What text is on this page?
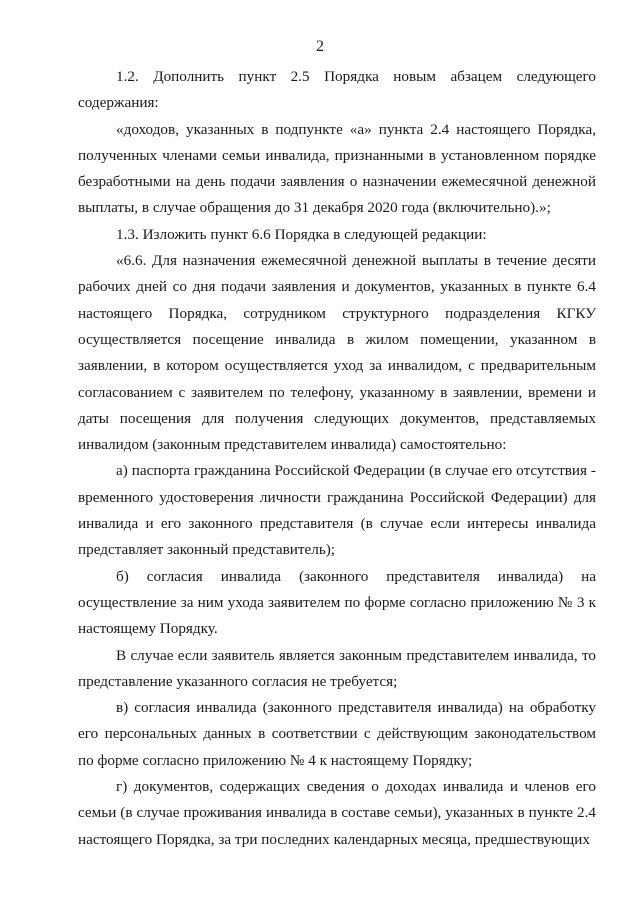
2

1.2. Дополнить пункт 2.5 Порядка новым абзацем следующего содержания:

«доходов, указанных в подпункте «а» пункта 2.4 настоящего Порядка, полученных членами семьи инвалида, признанными в установленном порядке безработными на день подачи заявления о назначении ежемесячной денежной выплаты, в случае обращения до 31 декабря 2020 года (включительно).»;

1.3. Изложить пункт 6.6 Порядка в следующей редакции:

«6.6. Для назначения ежемесячной денежной выплаты в течение десяти рабочих дней со дня подачи заявления и документов, указанных в пункте 6.4 настоящего Порядка, сотрудником структурного подразделения КГКУ осуществляется посещение инвалида в жилом помещении, указанном в заявлении, в котором осуществляется уход за инвалидом, с предварительным согласованием с заявителем по телефону, указанному в заявлении, времени и даты посещения для получения следующих документов, представляемых инвалидом (законным представителем инвалида) самостоятельно:

а) паспорта гражданина Российской Федерации (в случае его отсутствия - временного удостоверения личности гражданина Российской Федерации) для инвалида и его законного представителя (в случае если интересы инвалида представляет законный представитель);

б) согласия инвалида (законного представителя инвалида) на осуществление за ним ухода заявителем по форме согласно приложению № 3 к настоящему Порядку.

В случае если заявитель является законным представителем инвалида, то представление указанного согласия не требуется;

в) согласия инвалида (законного представителя инвалида) на обработку его персональных данных в соответствии с действующим законодательством по форме согласно приложению № 4 к настоящему Порядку;

г) документов, содержащих сведения о доходах инвалида и членов его семьи (в случае проживания инвалида в составе семьи), указанных в пункте 2.4 настоящего Порядка, за три последних календарных месяца, предшествующих
